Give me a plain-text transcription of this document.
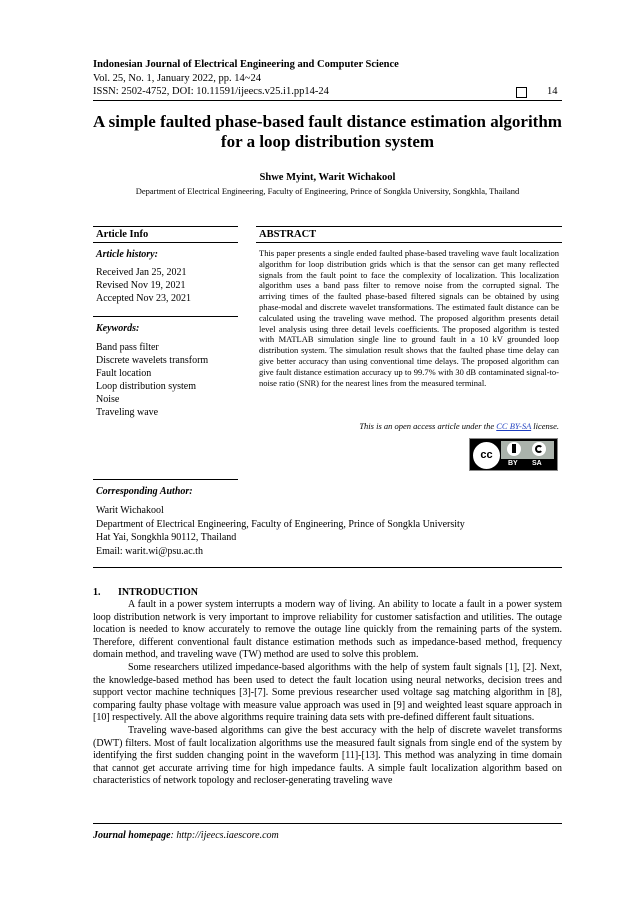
Indonesian Journal of Electrical Engineering and Computer Science
Vol. 25, No. 1, January 2022, pp. 14~24
ISSN: 2502-4752, DOI: 10.11591/ijeecs.v25.i1.pp14-24	14
A simple faulted phase-based fault distance estimation algorithm for a loop distribution system
Shwe Myint, Warit Wichakool
Department of Electrical Engineering, Faculty of Engineering, Prince of Songkla University, Songkhla, Thailand
Article Info	ABSTRACT
Article history:
Received Jan 25, 2021
Revised Nov 19, 2021
Accepted Nov 23, 2021
Keywords:
Band pass filter
Discrete wavelets transform
Fault location
Loop distribution system
Noise
Traveling wave
This paper presents a single ended faulted phase-based traveling wave fault localization algorithm for loop distribution grids which is that the sensor can get many reflected signals from the fault point to face the complexity of localization. This localization algorithm uses a band pass filter to remove noise from the corrupted signal. The arriving times of the faulted phase-based filtered signals can be obtained by using phase-modal and discrete wavelet transformations. The estimated fault distance can be calculated using the traveling wave method. The proposed algorithm presents detail level analysis using three detail levels coefficients. The proposed algorithm is tested with MATLAB simulation single line to ground fault in a 10 kV grounded loop distribution system. The simulation result shows that the faulted phase time delay can give better accuracy than using conventional time delays. The proposed algorithm can give fault distance estimation accuracy up to 99.7% with 30 dB contaminated signal-to-noise ratio (SNR) for the nearest lines from the measured terminal.
This is an open access article under the CC BY-SA license.
cc
BY SA
Corresponding Author:
Warit Wichakool
Department of Electrical Engineering, Faculty of Engineering, Prince of Songkla University
Hat Yai, Songkhla 90112, Thailand
Email: warit.wi@psu.ac.th
1.       INTRODUCTION

A fault in a power system interrupts a modern way of living. An ability to locate a fault in a power system loop distribution network is very important to improve reliability for customer satisfaction and utilities. The outage location is needed to know accurately to remove the outage line quickly from the remaining parts of the system. Therefore, different conventional fault distance estimation methods such as impedance-based method, frequency domain method, and traveling wave (TW) method are used to solve this problem.

Some researchers utilized impedance-based algorithms with the help of system fault signals [1], [2]. Next, the knowledge-based method has been used to detect the fault location using neural networks, decision trees and support vector machine techniques [3]-[7]. Some previous researcher used voltage sag matching algorithm in [8], comparing faulty phase voltage with measure value approach was used in [9] and weighted least square approach in [10] respectively. All the above algorithms require training data sets with pre-defined different fault situations.

Traveling wave-based algorithms can give the best accuracy with the help of discrete wavelet transforms (DWT) filters. Most of fault localization algorithms use the measured fault signals from single end of the system by identifying the first sudden changing point in the waveform [11]-[13]. This method was analyzing in time domain that cannot get accurate arriving time for high impedance faults. A simple fault localization algorithm based on characteristics of network topology and recloser-generating traveling wave

Journal homepage: http://ijeecs.iaescore.com
